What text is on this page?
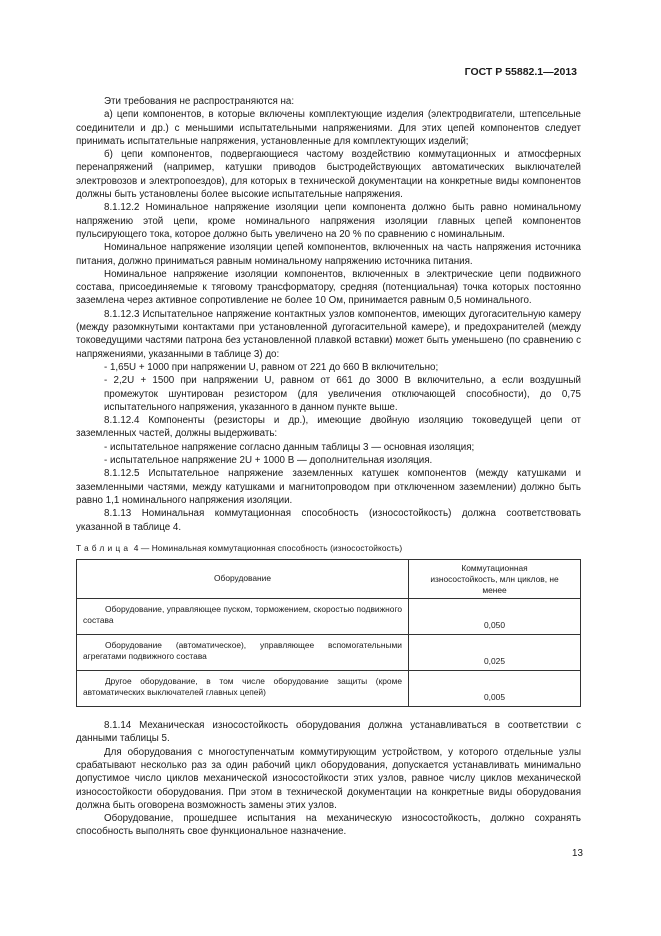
ГОСТ Р 55882.1—2013

Эти требования не распространяются на:

а) цепи компонентов, в которые включены комплектующие изделия (электродвигатели, штепсельные соединители и др.) с меньшими испытательными напряжениями. Для этих цепей компонентов следует принимать испытательные напряжения, установленные для комплектующих изделий;

б) цепи компонентов, подвергающиеся частому воздействию коммутационных и атмосферных перенапряжений (например, катушки приводов быстродействующих автоматических выключателей электровозов и электропоездов), для которых в технической документации на конкретные виды компонентов должны быть установлены более высокие испытательные напряжения.

8.1.12.2 Номинальное напряжение изоляции цепи компонента должно быть равно номинальному напряжению этой цепи, кроме номинального напряжения изоляции главных цепей компонентов пульсирующего тока, которое должно быть увеличено на 20 % по сравнению с номинальным.

Номинальное напряжение изоляции цепей компонентов, включенных на часть напряжения источника питания, должно приниматься равным номинальному напряжению источника питания.

Номинальное напряжение изоляции компонентов, включенных в электрические цепи подвижного состава, присоединяемые к тяговому трансформатору, средняя (потенциальная) точка которых постоянно заземлена через активное сопротивление не более 10 Ом, принимается равным 0,5 номинального.

8.1.12.3 Испытательное напряжение контактных узлов компонентов, имеющих дугогасительную камеру (между разомкнутыми контактами при установленной дугогасительной камере), и предохранителей (между токоведущими частями патрона без установленной плавкой вставки) может быть уменьшено (по сравнению с напряжениями, указанными в таблице 3) до:

- 1,65U + 1000 при напряжении U, равном от 221 до 660 В включительно;

- 2,2U + 1500 при напряжении U, равном от 661 до 3000 В включительно, а если воздушный промежуток шунтирован резистором (для увеличения отключающей способности), до 0,75 испытательного напряжения, указанного в данном пункте выше.

8.1.12.4 Компоненты (резисторы и др.), имеющие двойную изоляцию токоведущей цепи от заземленных частей, должны выдерживать:

- испытательное напряжение согласно данным таблицы 3 — основная изоляция;

- испытательное напряжение 2U + 1000 В — дополнительная изоляция.

8.1.12.5 Испытательное напряжение заземленных катушек компонентов (между катушками и заземленными частями, между катушками и магнитопроводом при отключенном заземлении) должно быть равно 1,1 номинального напряжения изоляции.

8.1.13 Номинальная коммутационная способность (износостойкость) должна соответствовать указанной в таблице 4.

Таблица 4 — Номинальная коммутационная способность (износостойкость)
Оборудование	Коммутационная износостойкость, млн циклов, не менее

Оборудование, управляющее пуском, торможением, скоростью подвижного состава	0,050

Оборудование (автоматическое), управляющее вспомогательными агрегатами подвижного состава	0,025

Другое оборудование, в том числе оборудование защиты (кроме автоматических выключателей главных цепей)	0,005

8.1.14 Механическая износостойкость оборудования должна устанавливаться в соответствии с данными таблицы 5.

Для оборудования с многоступенчатым коммутирующим устройством, у которого отдельные узлы срабатывают несколько раз за один рабочий цикл оборудования, допускается устанавливать минимально допустимое число циклов механической износостойкости этих узлов, равное числу циклов механической износостойкости оборудования. При этом в технической документации на конкретные виды оборудования должна быть оговорена возможность замены этих узлов.

Оборудование, прошедшее испытания на механическую износостойкость, должно сохранять способность выполнять свое функциональное назначение.

13
